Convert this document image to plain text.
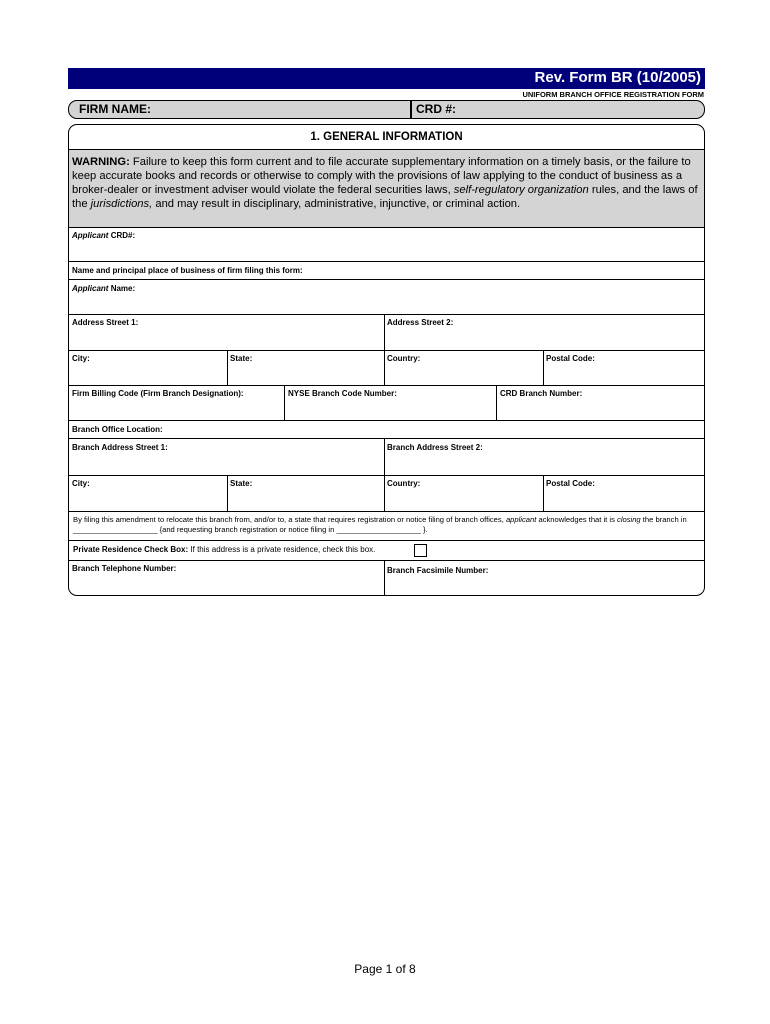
Rev. Form BR (10/2005)
UNIFORM BRANCH OFFICE REGISTRATION FORM
FIRM NAME:	CRD #:
1. GENERAL INFORMATION
WARNING: Failure to keep this form current and to file accurate supplementary information on a timely basis, or the failure to keep accurate books and records or otherwise to comply with the provisions of law applying to the conduct of business as a broker-dealer or investment adviser would violate the federal securities laws, self-regulatory organization rules, and the laws of the jurisdictions, and may result in disciplinary, administrative, injunctive, or criminal action.
Applicant CRD#:
Name and principal place of business of firm filing this form:
Applicant Name:
Address Street 1:	Address Street 2:
City:	State:	Country:	Postal Code:
Firm Billing Code (Firm Branch Designation):	NYSE Branch Code Number:	CRD Branch Number:
Branch Office Location:
Branch Address Street 1:	Branch Address Street 2:
City:	State:	Country:	Postal Code:
By filing this amendment to relocate this branch from, and/or to, a state that requires registration or notice filing of branch offices, applicant acknowledges that it is closing the branch in ____________________ {and requesting branch registration or notice filing in ____________________ }.
Private Residence Check Box: If this address is a private residence, check this box.
Branch Telephone Number:	Branch Facsimile Number:
Page 1 of 8
